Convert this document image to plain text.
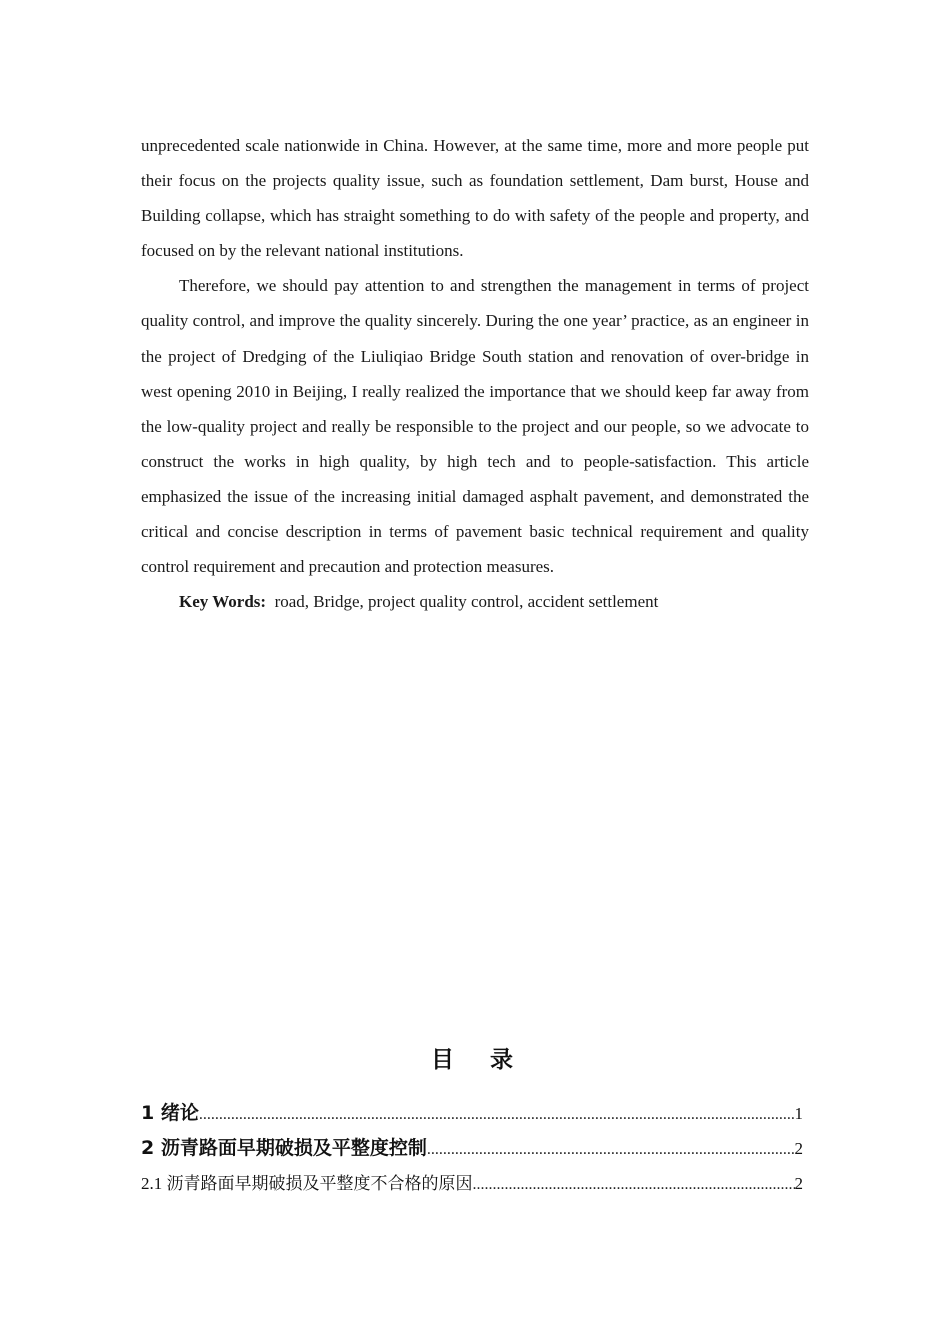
unprecedented scale nationwide in China. However, at the same time, more and more people put their focus on the projects quality issue, such as foundation settlement, Dam burst, House and Building collapse, which has straight something to do with safety of the people and property, and focused on by the relevant national institutions.

Therefore, we should pay attention to and strengthen the management in terms of project quality control, and improve the quality sincerely. During the one year’ practice, as an engineer in the project of Dredging of the Liuliqiao Bridge South station and renovation of over-bridge in west opening 2010 in Beijing, I really realized the importance that we should keep far away from the low-quality project and really be responsible to the project and our people, so we advocate to construct the works in high quality, by high tech and to people-satisfaction. This article emphasized the issue of the increasing initial damaged asphalt pavement, and demonstrated the critical and concise description in terms of pavement basic technical requirement and quality control requirement and precaution and protection measures.

Key Words: road, Bridge, project quality control, accident settlement

目 录
1 绪论 .....	1
2 沥青路面早期破损及平整度控制 .....	2
2.1 沥青路面早期破损及平整度不合格的原因 .....	2
